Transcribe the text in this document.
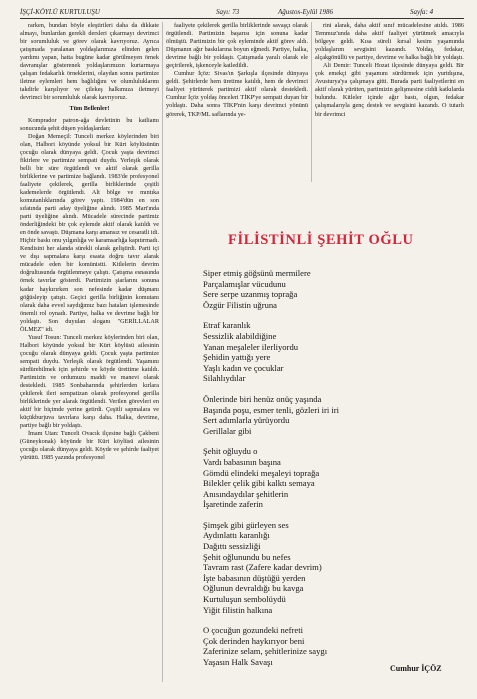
İŞÇİ-KÖYLÜ KURTULUŞU	Sayı: 73	Ağustos-Eylül 1986	Sayfa: 4

rarken, bundan böyle eleştirileri daha da dikkate almayı, bunlardan gerekli dersleri çıkarmayı devrimci bir sorumluluk ve görev olarak kavrıyoruz. Ayrıca çatışmada yaralanan yoldaşlarımıza elinden gelen yardımı yapan, hatta bugüne kadar görülmeyen örnek davranışlar gösterenek yoldaşlarımızın kurtarmaya çalışan fedakarlık örneklerini, olaydan sonra partimize iletme eylemleri hem bağlılığını ve olumluluklarını takdirle karşılıyor ve çilekeş halkımıza iletmeyi devrimci bir sorumluluk olarak kavrıyoruz.

Tüm Bellenler!

Komprador patron-ağa devletinin bu katliamı sonucunda şehit düşen yoldaşlardan:

Doğan Memeçil: Tunceli merkez köylerinden biri olan, Halbori köyünde yoksul bir Kürt köylüsünün çocuğu olarak dünyaya geldi. Çocuk yaşta devrimci fikirlere ve partimize sempati duydu. Yerleşik olarak belli bir süre örgütlendi ve aktif olarak gerilla birliklerine ve partimize bağlandı. 1983'de profesyonel faaliyete çekilerek, gerilla birliklerinde çeşitli kademelerde örgütlendi. Alt bölge ve mıntıka komutanlıklarında görev yaptı. 1984'dün en son sıfatında parti aday üyeliğine alındı. 1985 Mart'ında parti üyeliğine alındı. Mücadele sürecinde partimiz önderliğindeki bir çok eylemde aktif olarak katıldı ve en önde savaştı. Düşmana karşı amansız ve cesaratli idi. Hiçbir baskı onu yılgınlığa ve karamsarlığa kapıtırmadı. Kendisini her alanda sürekli olarak geliştirdi. Parti içi ve dışı sapmalara karşı esasta doğru tavır alarak mücadele eden bir komünistti. Kitlelerin devrim doğrultusunda örgütlenmeye çalıştı. Çatışma esnasında örnek tavırlar gösterdi. Partimizin şiarlarını sonuna kadar haykırırken son nefesinde kadar düşmanı göğüsleyip çatıştı. Geçici gerilla birliğinin komutanı olarak daha evvel saydığımız bazı hataları işlemesinde önemli rol oynadı. Partiye, halka ve devrime bağlı bir yoldaştı. Son duyulan sloganı "GERİLLALAR ÖLMEZ" idi.

Yusuf Tosun: Tunceli merkez köylerinden biri olan, Halbori köyünde yoksul bir Kürt köylüsü ailesinin çocuğu olarak dünyaya geldi. Çocuk yaşta partimize sempati duydu. Yerleşik olarak örgütlendi. Yaşamını sürdürebilmek için şehirde ve köyde ürettime katıldı. Partimizin ve ordumuzu maddi ve manevi olarak destekledi. 1985 Sonbaharında şehirlerden kırlara çekilerek ileri sempatizan olarak profesyonel gerilla birliklerinde yer alarak örgütlendi. Verilen görevleri en aktif bir biçimde yerine getirdi. Çeşitli sapmalara ve küçükburjuva tavırlara karşı daha. Halka, devrime, partiye bağlı bir yoldaştı.

İmam Utan: Tunceli Ovacık ilçesine bağlı Çakbeni (Güneykonak) köyünde bir Kürt köylüsü ailesinin çocuğu olarak dünyaya geldi. Köyde ve şehirde faaliyet yürüttü. 1985 yazında profesyonel

faaliyete çekilerek gerilla birliklerinde savaşçı olarak örgütlendi. Partimizin başarısı için sonuna kadar ölmüştü. Partimizin bir çok eyleminde aktif görev aldı. Düşmanın ağır baskılarına boyun eğmedi. Partiye, halka, devrime bağlı bir yoldaştı. Çatışmada yaralı olarak ele geçirilerek, işkenceyle katledildi.

Cumhur İçöz: Sivas'ın Şarkışla ilçesinde dünyaya geldi. Şehirlerde hem üretime katıldı, hem de devrimci faaliyet yürüterek partimizi aktif olarak destekledi. Cumhur İçöz yoldaş önceleri TİKP'ye sempati duyan bir yoldaştı. Daha sonra TİKP'nin karşı devrimci yönünü görerek, TKP/ML saflarında ye-

rini alarak, daha aktif sınıf mücadelesine atıldı. 1986 Temmuz'unda daha aktif faaliyet yürütmek amacıyla bölgeye geldi. Kısa süreli kırsal kesim yaşamında yoldaşlarım sevgisini kazandı. Yoldaş, fedakar, alçakgönüllü ve partiye, devrime ve halka bağlı bir yoldaştı.

Ali Demir: Tunceli Hozat ilçesinde dünyaya geldi. Bir çok emekçi gibi yaşamını sürdürmek için yurtdışına, Avusturya'ya çalışmaya gitti. Burada parti faaliyetlerini en aktif olarak yürüten, partimizin gelişmesine ciddi katkılarda bulundu. Kitleler içinde ağır bastı, olgun, fedakar çalışmalarıyla genç destek ve sevgisini kazandı. O tutarlı bir devrimci

FİLİSTİNLİ ŞEHİT OĞLU
Siper etmiş göğsünü mermilere
Parçalamışlar vücudunu
Sere serpe uzanmış toprağa
Özgür Filistin uğruna
Etraf karanlık
Sessizlik alabildiğine
Yanan meşaleler ilerliyordu
Şehidin yattığı yere
Yaşlı kadın ve çocuklar
Silahlıydılar
Önlerinde biri henüz onüç yaşında
Başında poşu, esmer tenli, gözleri iri iri
Sert adımlarla yürüyordu
Gerillalar gibi
Şehit oğluydu o
Vardı babasının başına
Gömdü elindeki meşaleyi toprağa
Bilekler çelik gibi kalktı semaya
Anısındaydılar şehitlerin
İşaretinde zaferin
Şimşek gibi gürleyen ses
Aydınlattı karanlığı
Dağıttı sessizliği
Şehit oğlunundu bu nefes
Tavram rast (Zafere kadar devrim)
İşte babasının düştüğü yerden
Oğlunun devraldığı bu kavga
Kurtuluşun sembolüydü
Yiğit filistin halkına
O çocuğun gozundeki nefreti
Çok derinden haykırıyor beni
Zaferinize selam, şehitlerinize saygı
Yaşasın Halk Savaşı
Cumhur İÇÖZ
